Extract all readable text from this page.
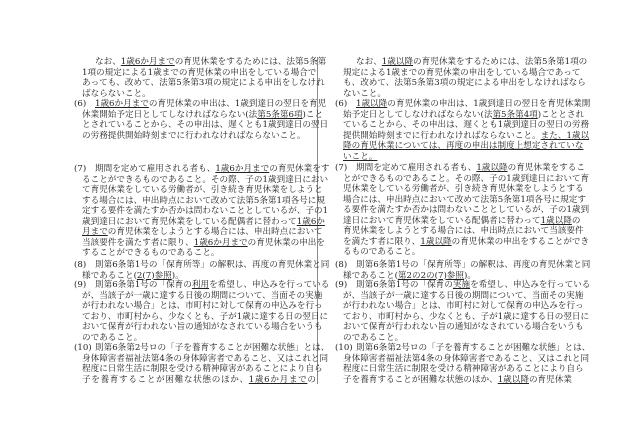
なお、1歳6か月までの育児休業をするためには、法第5条第
1項の規定による1歳までの育児休業の申出をしている場合で
あっても、改めて、法第5条第3項の規定による申出をしなけれ
ばならないこと。
(6)	1歳6か月までの育児休業の申出は、1歳到達日の翌日を育児
休業開始予定日としてしなければならない(法第5条第6項)こと
とされていることから、その申出は、遅くとも1歳到達日の翌日
の労務提供開始時刻までに行われなければならないこと。
(7)	期間を定めて雇用される者も、1歳6か月までの育児休業をす
ることができるものであること。その際、子の1歳到達日におい
て育児休業をしている労働者が、引き続き育児休業をしようと
する場合には、申出時点において改めて法第5条第1項各号に規
定する要件を満たすか否かは問わないこととしているが、子の1
歳到達日において育児休業をしている配偶者に替わって1歳6か
月までの育児休業をしようとする場合には、申出時点において
当該要件を満たす者に限り、1歳6か月までの育児休業の申出を
することができるものであること。
(8)	則第6条第1号の「保育所等」の解釈は、再度の育児休業と同
様であること(2(7)参照)。
(9)	則第6条第1号の「保育の利用を希望し、申込みを行っている
が、当該子が一歳に達する日後の期間について、当面その実施
が行われない場合」とは、市町村に対して保育の申込みを行っ
ており、市町村から、少なくとも、子が1歳に達する日の翌日に
おいて保育が行われない旨の通知がなされている場合をいうも
のであること。
(10) 則第6条第2号ロの「子を養育することが困難な状態」とは、
身体障害者福祉法第4条の身体障害者であること、又はこれと同
程度に日常生活に制限を受ける精神障害があることにより自ら
子を養育することが困難な状態のほか、1歳6か月までの
なお、1歳以降の育児休業をするためには、法第5条第1項の
規定による1歳までの育児休業の申出をしている場合であって
も、改めて、法第5条第3項の規定による申出をしなければなら
ないこと。
(6)	1歳以降の育児休業の申出は、1歳到達日の翌日を育児休業開
始予定日としてしなければならない(法第5条第4項)こととされ
ていることから、その申出は、遅くとも1歳到達日の翌日の労務
提供開始時刻までに行われなければならないこと。また、1歳以
降の育児休業については、再度の申出は制度上想定されていな
いこと。
(7)	期間を定めて雇用される者も、1歳以降の育児休業をするこ
とができるものであること。その際、子の1歳到達日において育
児休業をしている労働者が、引き続き育児休業をしようとする
場合には、申出時点において改めて法第5条第1項各号に規定す
る要件を満たすか否かは問わないこととしているが、子の1歳到
達日において育児休業をしている配偶者に替わって1歳以降の
育児休業をしようとする場合には、申出時点において当該要件
を満たす者に限り、1歳以降の育児休業の申出をすることができ
るものであること。
(8)	則第6条第1号の「保育所等」の解釈は、再度の育児休業と同
様であること(第2の2の(7)参照)。
(9)	則第6条第1号の「保育の実施を希望し、申込みを行っている
が、当該子が一歳に達する日後の期間について、当面その実施
が行われない場合」とは、市町村に対して保育の申込みを行っ
ており、市町村から、少なくとも、子が1歳に達する日の翌日に
おいて保育が行われない旨の通知がなされている場合をいうも
のであること。
(10) 則第6条第2号ロの「子を養育することが困難な状態」とは、
身体障害者福祉法第4条の身体障害者であること、又はこれと同
程度に日常生活に制限を受ける精神障害があることにより自ら
子を養育することが困難な状態のほか、1歳以降の育児休業
